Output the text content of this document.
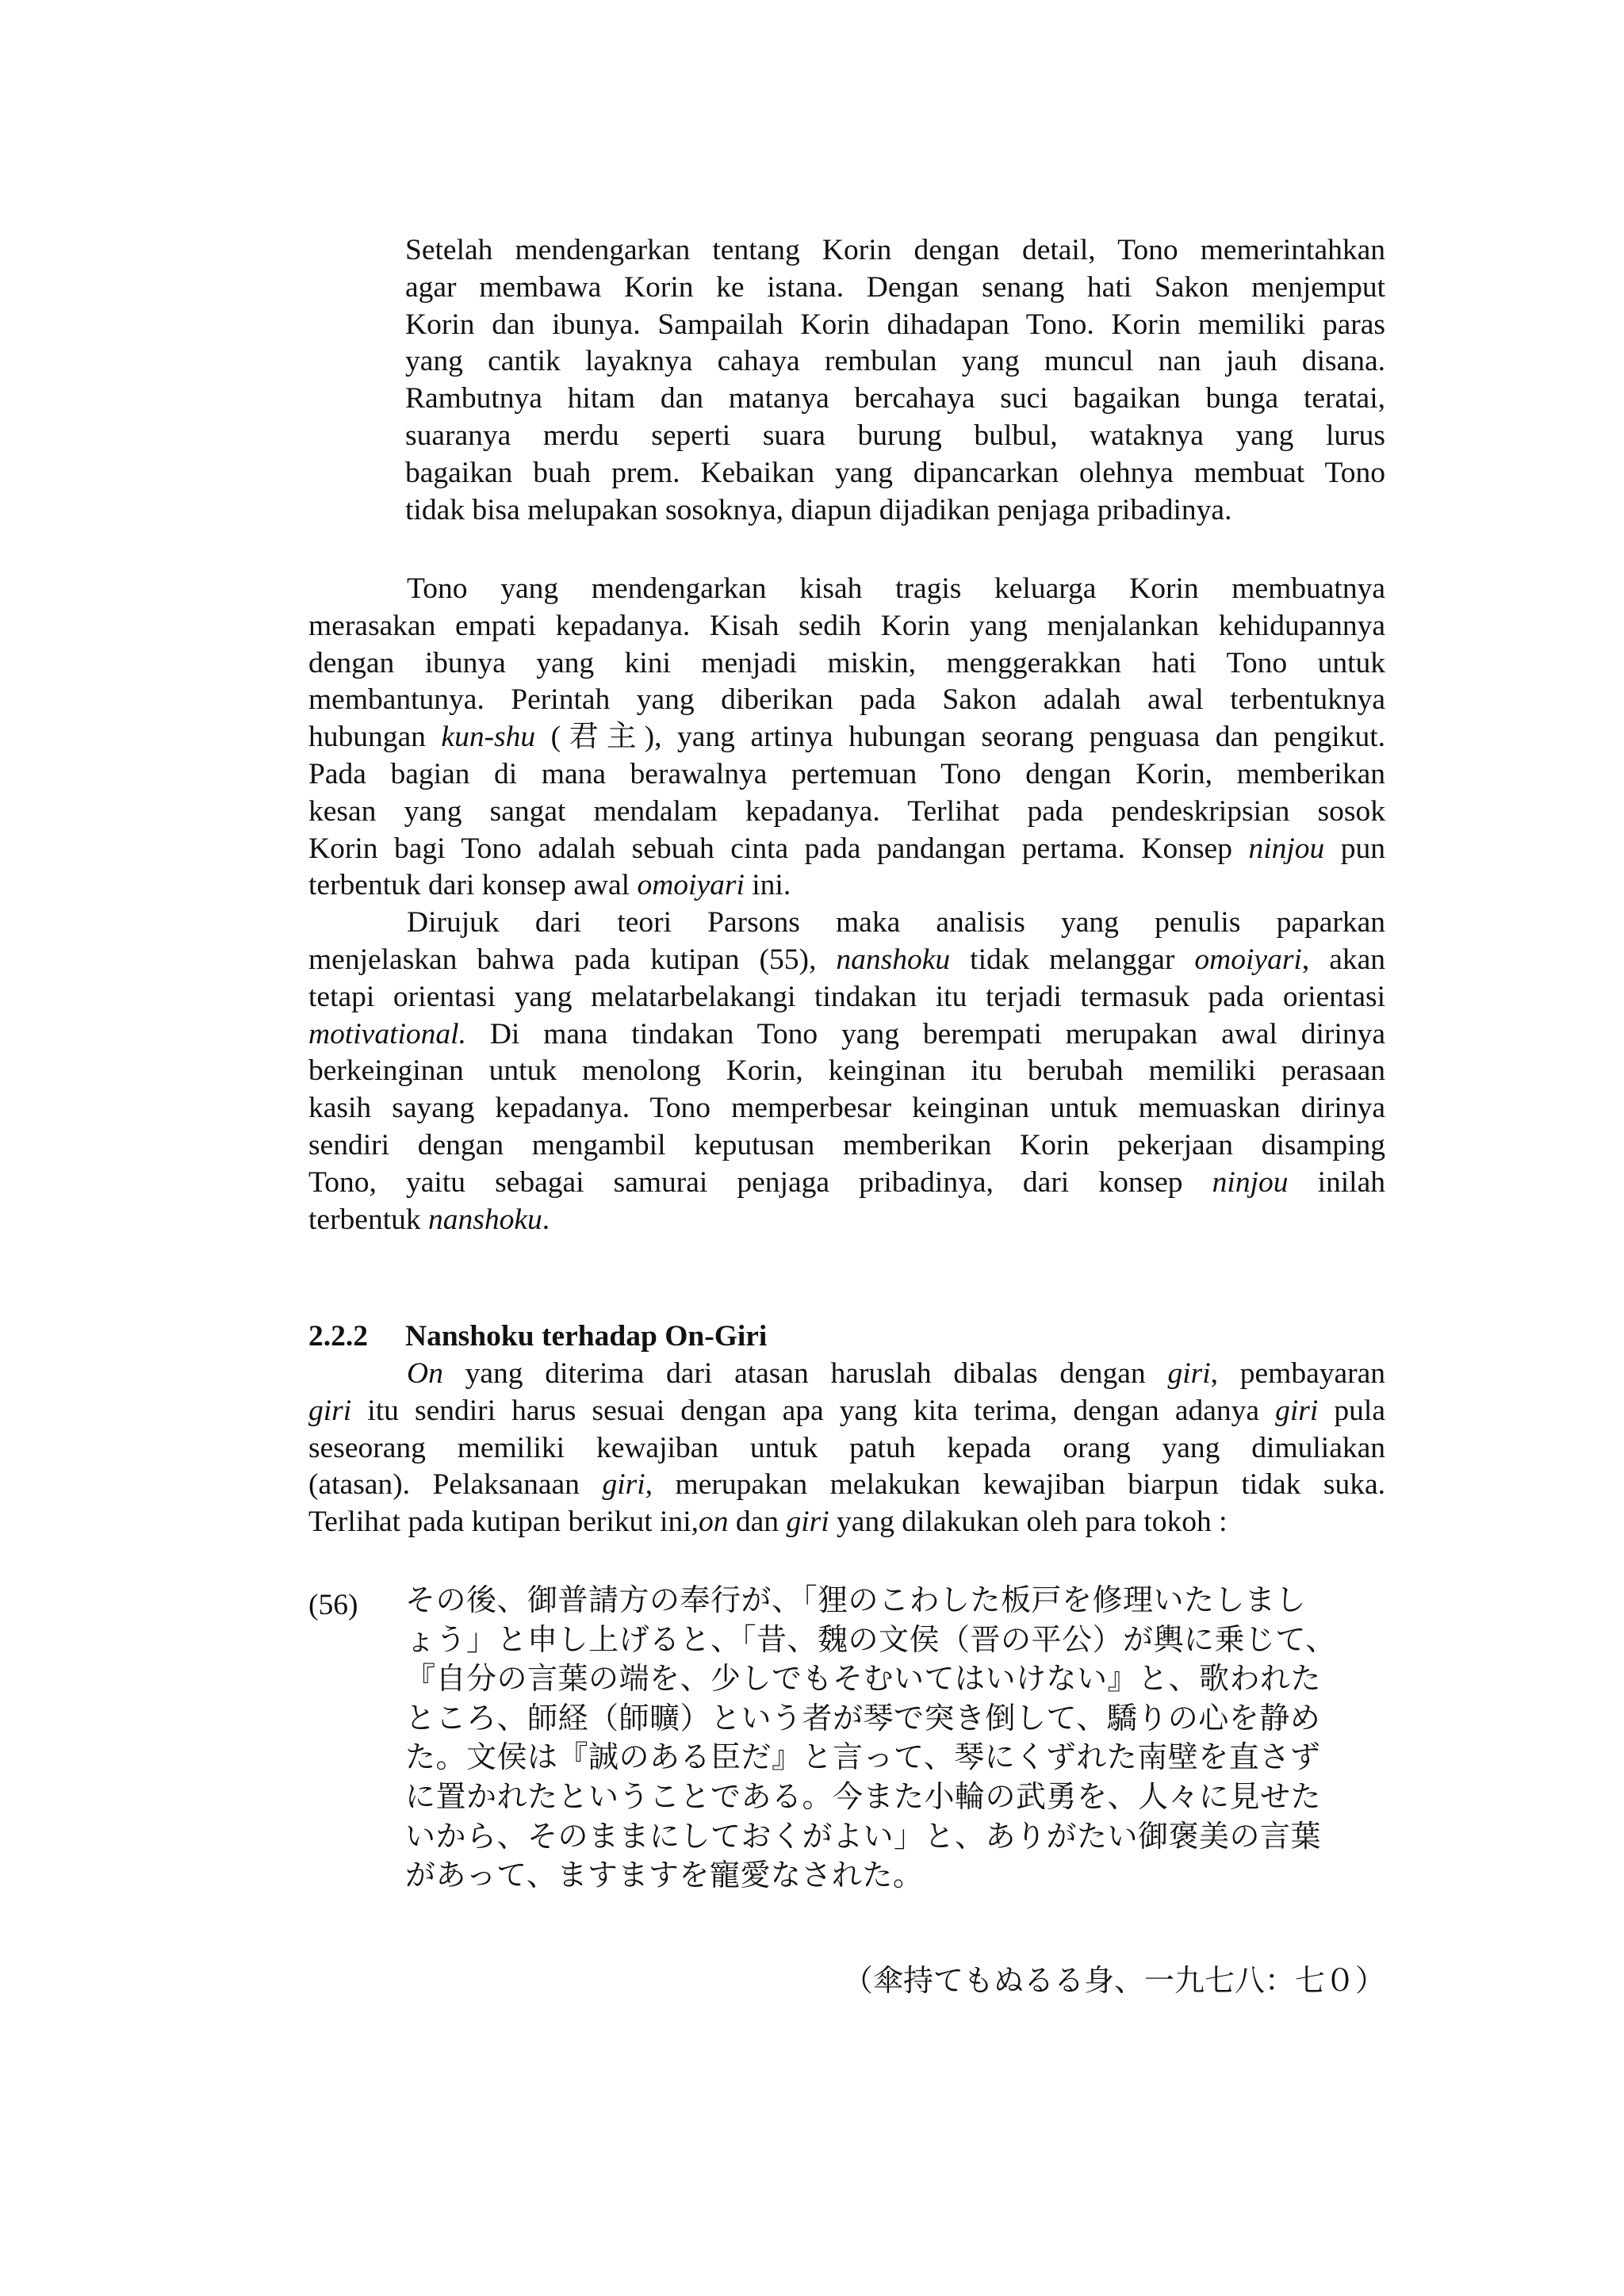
Setelah mendengarkan tentang Korin dengan detail, Tono memerintahkan
agar membawa Korin ke istana. Dengan senang hati Sakon menjemput
Korin dan ibunya. Sampailah Korin dihadapan Tono. Korin memiliki paras
yang cantik layaknya cahaya rembulan yang muncul nan jauh disana.
Rambutnya hitam dan matanya bercahaya suci bagaikan bunga teratai,
suaranya merdu seperti suara burung bulbul, wataknya yang lurus
bagaikan buah prem. Kebaikan yang dipancarkan olehnya membuat Tono
tidak bisa melupakan sosoknya, diapun dijadikan penjaga pribadinya.
Tono yang mendengarkan kisah tragis keluarga Korin membuatnya
merasakan empati kepadanya. Kisah sedih Korin yang menjalankan kehidupannya
dengan ibunya yang kini menjadi miskin, menggerakkan hati Tono untuk
membantunya. Perintah yang diberikan pada Sakon adalah awal terbentuknya
hubungan kun-shu (君主), yang artinya hubungan seorang penguasa dan pengikut.
Pada bagian di mana berawalnya pertemuan Tono dengan Korin, memberikan
kesan yang sangat mendalam kepadanya. Terlihat pada pendeskripsian sosok
Korin bagi Tono adalah sebuah cinta pada pandangan pertama. Konsep ninjou pun
terbentuk dari konsep awal omoiyari ini.
Dirujuk dari teori Parsons maka analisis yang penulis paparkan
menjelaskan bahwa pada kutipan (55), nanshoku tidak melanggar omoiyari, akan
tetapi orientasi yang melatarbelakangi tindakan itu terjadi termasuk pada orientasi
motivational. Di mana tindakan Tono yang berempati merupakan awal dirinya
berkeinginan untuk menolong Korin, keinginan itu berubah memiliki perasaan
kasih sayang kepadanya. Tono memperbesar keinginan untuk memuaskan dirinya
sendiri dengan mengambil keputusan memberikan Korin pekerjaan disamping
Tono, yaitu sebagai samurai penjaga pribadinya, dari konsep ninjou inilah
terbentuk nanshoku.
2.2.2 Nanshoku terhadap On-Giri
On yang diterima dari atasan haruslah dibalas dengan giri, pembayaran
giri itu sendiri harus sesuai dengan apa yang kita terima, dengan adanya giri pula
seseorang memiliki kewajiban untuk patuh kepada orang yang dimuliakan
(atasan). Pelaksanaan giri, merupakan melakukan kewajiban biarpun tidak suka.
Terlihat pada kutipan berikut ini,on dan giri yang dilakukan oleh para tokoh :
(56) その後、御普請方の奉行が、「狸のこわした板戸を修理いたしまし
ょう」と申し上げると、「昔、魏の文侯（晋の平公）が輿に乗じて、
『自分の言葉の端を、少しでもそむいてはいけない』と、歌われた
ところ、師経（師曠）という者が琴で突き倒して、驕りの心を静め
た。文侯は『誠のある臣だ』と言って、琴にくずれた南壁を直さず
に置かれたということである。今また小輪の武勇を、人々に見せた
いから、そのままにしておくがよい」と、ありがたい御褒美の言葉
があって、ますますを寵愛なされた。
（傘持てもぬるる身、一九七八：七０）
